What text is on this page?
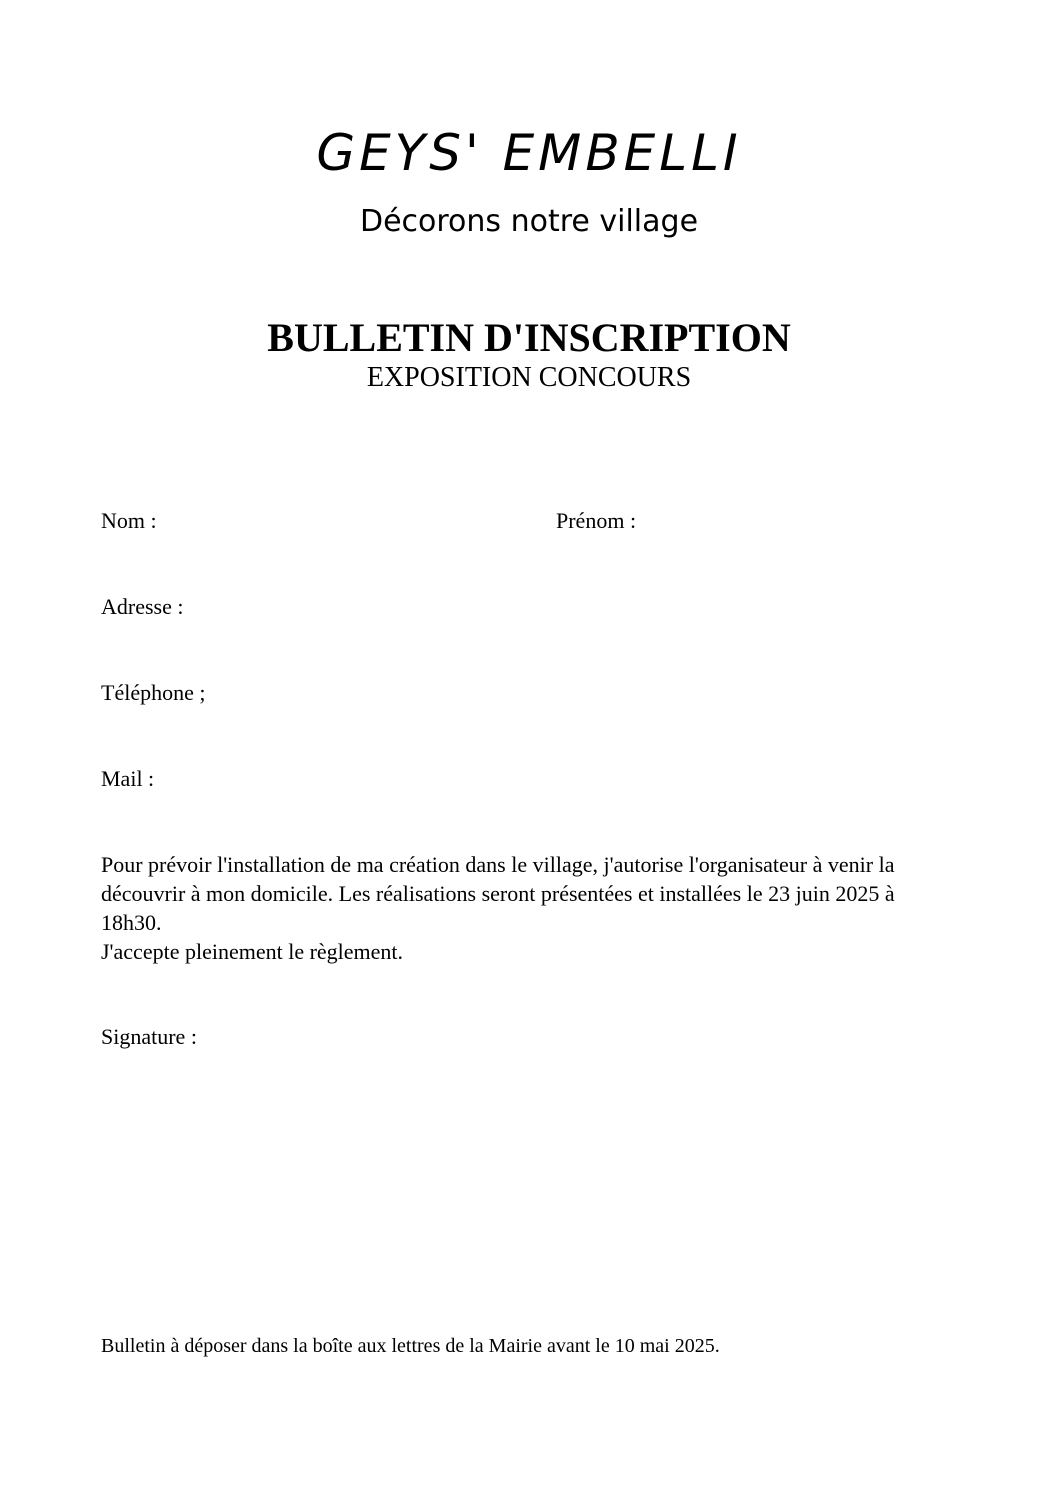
GEYS' EMBELLI
Décorons notre village
BULLETIN D'INSCRIPTION
EXPOSITION CONCOURS
Nom :	Prénom :
Adresse :
Téléphone ;
Mail :

Pour prévoir l'installation de ma création dans le village, j'autorise l'organisateur à venir la découvrir à mon domicile. Les réalisations seront présentées et installées le 23 juin 2025 à 18h30.

J'accepte pleinement le règlement.

Signature :
Bulletin à déposer dans la boîte aux lettres de la Mairie avant le 10 mai 2025.
